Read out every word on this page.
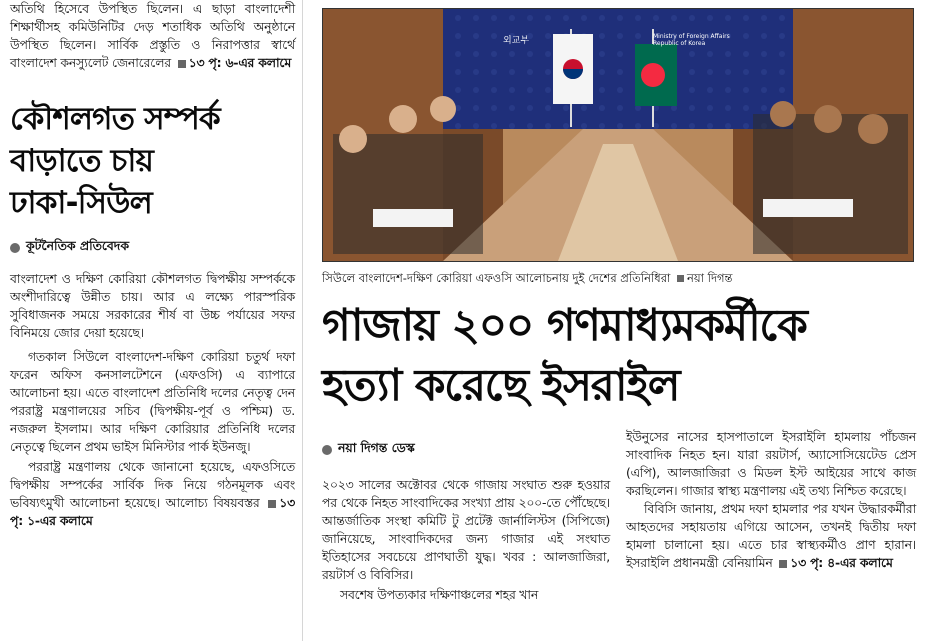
অতিথি হিসেবে উপস্থিত ছিলেন। এ ছাড়া বাংলাদেশী শিক্ষার্থীসহ কমিউনিটির দেড় শতাধিক অতিথি অনুষ্ঠানে উপস্থিত ছিলেন। সার্বিক প্রস্তুতি ও নিরাপত্তার স্বার্থে বাংলাদেশ কনস্যুলেট জেনারেলের ১৩ পৃ: ৬-এর কলামে

কৌশলগত সম্পর্ক
বাড়াতে চায়
ঢাকা-সিউল
কূটনৈতিক প্রতিবেদক

বাংলাদেশ ও দক্ষিণ কোরিয়া কৌশলগত দ্বিপক্ষীয় সম্পর্ককে অংশীদারিত্বে উন্নীত চায়। আর এ লক্ষ্যে পারস্পরিক সুবিধাজনক সময়ে সরকারের শীর্ষ বা উচ্চ পর্যায়ের সফর বিনিময়ে জোর দেয়া হয়েছে।

গতকাল সিউলে বাংলাদেশ-দক্ষিণ কোরিয়া চতুর্থ দফা ফরেন অফিস কনসালটেশনে (এফওসি) এ ব্যাপারে আলোচনা হয়। এতে বাংলাদেশ প্রতিনিধি দলের নেতৃত্ব দেন পররাষ্ট্র মন্ত্রণালয়ের সচিব (দ্বিপক্ষীয়-পূর্ব ও পশ্চিম) ড. নজরুল ইসলাম। আর দক্ষিণ কোরিয়ার প্রতিনিধি দলের নেতৃত্বে ছিলেন প্রথম ভাইস মিনিস্টার পার্ক ইউনজু।

পররাষ্ট্র মন্ত্রণালয় থেকে জানানো হয়েছে, এফওসিতে দ্বিপক্ষীয় সম্পর্কের সার্বিক দিক নিয়ে গঠনমূলক এবং ভবিষ্যৎমুখী আলোচনা হয়েছে। আলোচ্য বিষয়বস্তর ১৩ পৃ: ১-এর কলামে

외교부	Ministry of Foreign Affairs
Republic of Korea

সিউলে বাংলাদেশ-দক্ষিণ কোরিয়া এফওসি আলোচনায় দুই দেশের প্রতিনিধিরা নয়া দিগন্ত

গাজায় ২০০ গণমাধ্যমকর্মীকে
হত্যা করেছে ইসরাইল
নয়া দিগন্ত ডেস্ক

২০২৩ সালের অক্টোবর থেকে গাজায় সংঘাত শুরু হওয়ার পর থেকে নিহত সাংবাদিকের সংখ্যা প্রায় ২০০-তে পৌঁছেছে। আন্তর্জাতিক সংস্থা কমিটি টু প্রটেক্ট জার্নালিস্টস (সিপিজে) জানিয়েছে, সাংবাদিকদের জন্য গাজার এই সংঘাত ইতিহাসের সবচেয়ে প্রাণঘাতী যুদ্ধ। খবর : আলজাজিরা, রয়টার্স ও বিবিসির।

সবশেষ উপত্যকার দক্ষিণাঞ্চলের শহর খান

ইউনুসের নাসের হাসপাতালে ইসরাইলি হামলায় পাঁচজন সাংবাদিক নিহত হন। যারা রয়টার্স, অ্যাসোসিয়েটেড প্রেস (এপি), আলজাজিরা ও মিডল ইস্ট আইয়ের সাথে কাজ করছিলেন। গাজার স্বাস্থ্য মন্ত্রণালয় এই তথ্য নিশ্চিত করেছে।

বিবিসি জানায়, প্রথম দফা হামলার পর যখন উদ্ধারকর্মীরা আহতদের সহায়তায় এগিয়ে আসেন, তখনই দ্বিতীয় দফা হামলা চালানো হয়। এতে চার স্বাস্থ্যকর্মীও প্রাণ হারান। ইসরাইলি প্রধানমন্ত্রী বেনিয়ামিন ১৩ পৃ: ৪-এর কলামে
